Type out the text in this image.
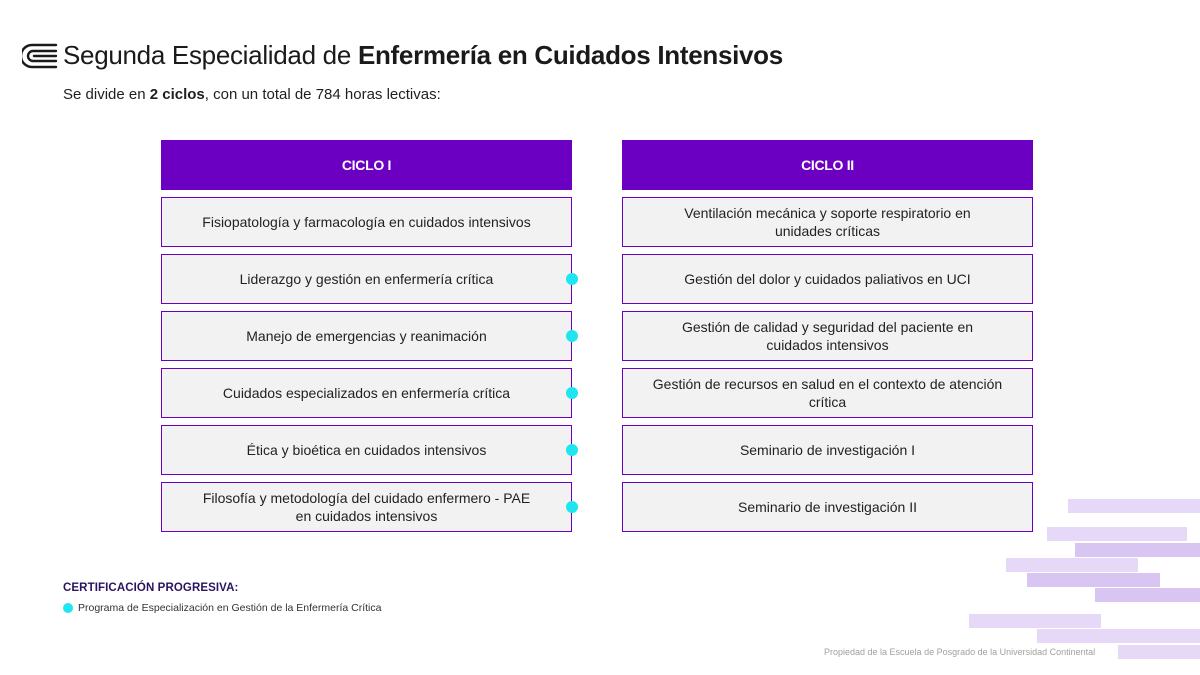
Segunda Especialidad de Enfermería en Cuidados Intensivos
Se divide en 2 ciclos, con un total de 784 horas lectivas:
CICLO I
Fisiopatología y farmacología en cuidados intensivos
Liderazgo y gestión en enfermería crítica
Manejo de emergencias y reanimación
Cuidados especializados en enfermería crítica
Ética y bioética en cuidados intensivos
Filosofía y metodología del cuidado enfermero - PAE en cuidados intensivos
CICLO II
Ventilación mecánica y soporte respiratorio en unidades críticas
Gestión del dolor y cuidados paliativos en UCI
Gestión de calidad y seguridad del paciente en cuidados intensivos
Gestión de recursos en salud en el contexto de atención crítica
Seminario de investigación I
Seminario de investigación II
CERTIFICACIÓN PROGRESIVA:
Programa de Especialización en Gestión de la Enfermería Crítica
Propiedad de la Escuela de Posgrado de la Universidad Continental
